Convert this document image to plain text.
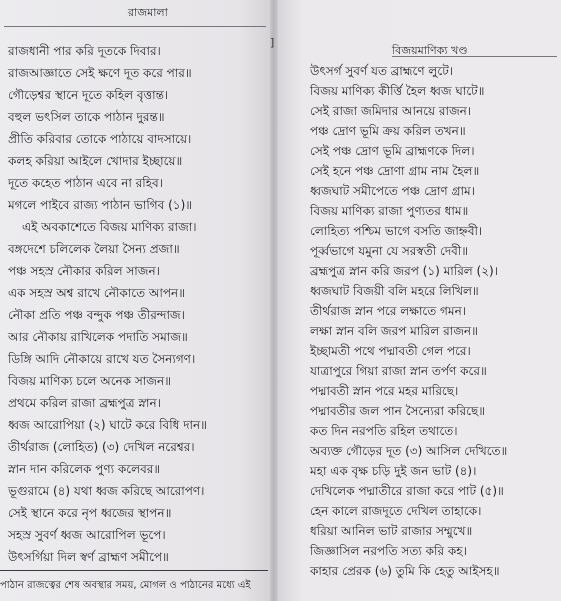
]
রাজমালা
বিজয়মাণিক্য খণ্ড
রাজধানী পার করি দূতকে দিবার।
রাজআজ্ঞাতে সেই ক্ষণে দূত করে পার॥
গৌড়েশ্বর স্থানে দূতে কহিল বৃত্তান্ত।
বহুল ভৎসিল তাকে পাঠান দুরন্ত॥
প্রীতি করিবার তোকে পাঠায়ে বাদসায়ে।
কলহ করিয়া আইলে খোদার ইচ্ছায়ে॥
দূতে কহেত পাঠান এবে না রহিব।
মগলে পাইবে রাজ্য পাঠান ভাগিব (১)॥
এই অবকাশেতে বিজয় মাণিক্য রাজা।
বঙ্গদেশে চলিলেক লৈয়া সৈন্য প্রজা॥
পঞ্চ সহস্র নৌকার করিল সাজন।
এক সহস্র অশ্ব রাখে নৌকাতে আপন॥
নৌকা প্রতি পঞ্চ বন্দুক পঞ্চ তীরন্দাজ।
আর নৌকায় রাখিলেক পদাতি সমাজ॥
ডিঙ্গি আদি নৌকায়ে রাখে যত সৈন্যগণ।
বিজয় মাণিক্য চলে অনেক সাজন॥
প্রথমে করিল রাজা ব্রহ্মপুত্র স্নান।
ধ্বজ আরোপিয়া (২) ঘাটে করে বিধি দান॥
তীর্থরাজ (লোহিত) (৩) দেখিল নরেশ্বর।
স্নান দান করিলেক পুণ্য কলেবর॥
ভূগুরামে (৪) যথা ধ্বজ করিছে আরোপণ।
সেই স্থানে করে নৃপ ধ্বজের স্থাপন॥
সহস্র সুবর্ণ ধ্বজ আরোপিল ভূপে।
উৎসর্গিয়া দিল স্বর্ণ ব্রাহ্মণ সমীপে॥
উৎসর্গ সুবর্ণ যত ব্রাহ্মণে লুটে।
বিজয় মাণিক্য কীর্ত্তি হৈল ধ্বজ ঘাটে॥
সেই রাজা জমিদার আনয়ে রাজন।
পঞ্চ দ্রোণ ভূমি ক্রয় করিল তখন॥
সেই পঞ্চ দ্রোণ ভূমি ব্রাহ্মণকে দিল।
সেই হনে পঞ্চ দ্রোণা গ্রাম নাম হৈল॥
ধ্বজঘাট সমীপেতে পঞ্চ দ্রোণ গ্রাম।
বিজয় মাণিক্য রাজা পুণ্যতর ধাম॥
লোহিত্য পশ্চিম ভাগে বসতি জাহ্নবী।
পূর্ব্বভাগে যমুনা যে সরস্বতী দেবী॥
ব্রহ্মপুত্র স্নান করি জরপ (১) মারিল (২)।
ধ্বজঘাট বিজয়ী বলি মহরে লিখিল॥
তীর্থরাজ স্নান পরে লক্ষাতে গমন।
লক্ষা স্নান বলি জরপ মারিল রাজন॥
ইচ্ছামতী পথে পদ্মাবতী গেল পরে।
যাত্রাপুরে গিয়া রাজা স্নান তর্পণ করে॥
পদ্মাবতী স্নান পরে মহর মারিছে।
পদ্মাবতীর জল পান সৈন্যেরা করিছে॥
কত দিন নরপতি রহিল তথাতে।
অব্যক্ত গৌড়ের দূত (৩) আসিল দেখিতে॥
মহা এক বৃক্ষ চড়ি দুই জন ভাট (৪)।
দেখিলেক পদ্মাতীরে রাজা করে পাট (৫)॥
হেন কালে রাজদূতে দেখিল তাহাকে।
ধরিয়া আনিল ভাট রাজার সম্মুখে॥
জিজ্ঞাসিল নরপতি সত্য করি কহ।
কাহার প্রেরক (৬) তুমি কি হেতু আইসহ॥
পাঠান রাজত্বের শেষ অবস্থার সময়, মোগল ও পাঠানের মধ্যে এই
